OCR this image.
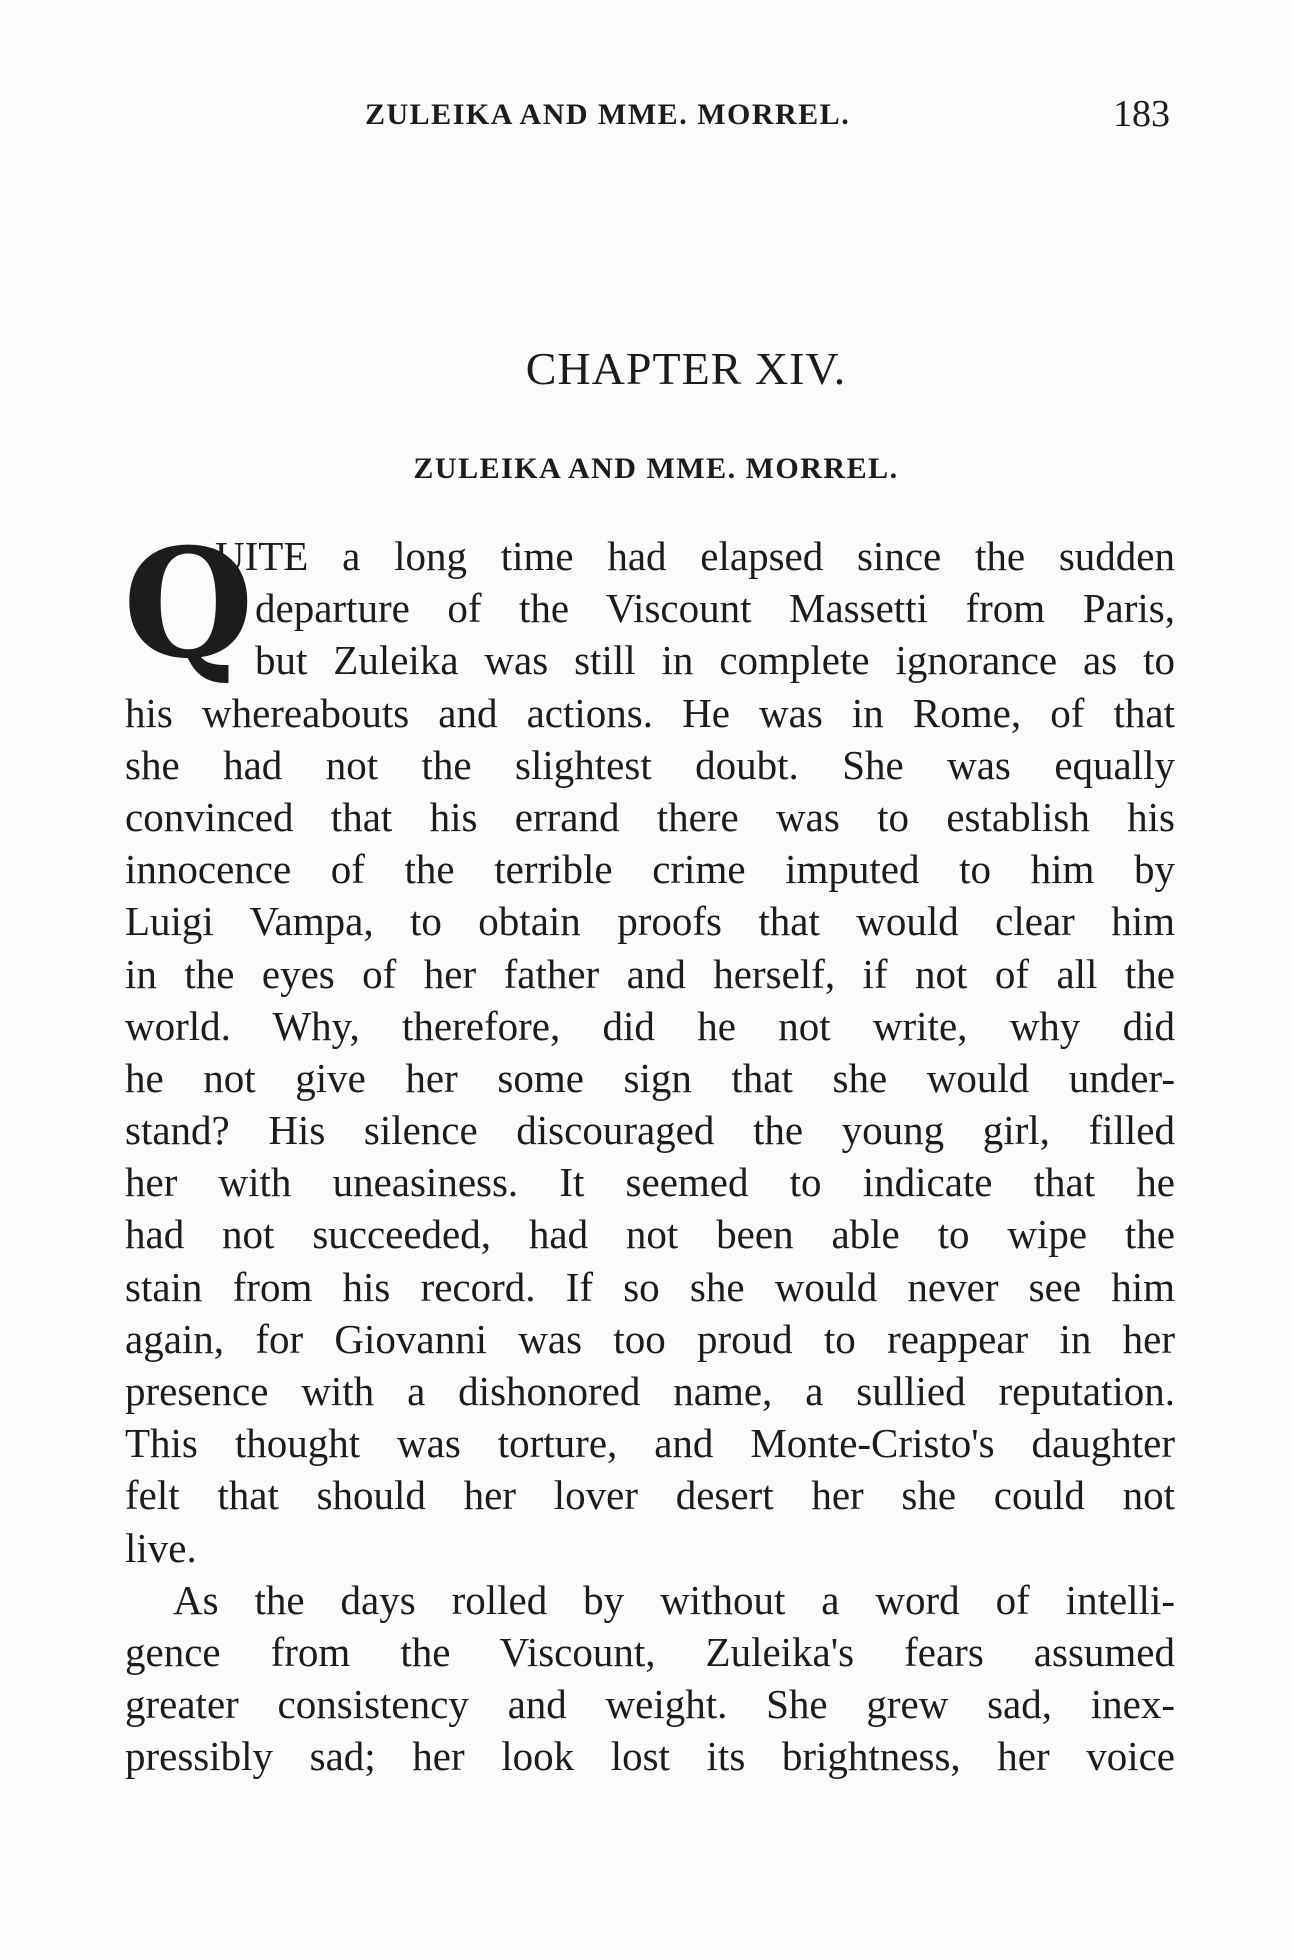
ZULEIKA AND MME. MORREL.	183
CHAPTER XIV.
ZULEIKA AND MME. MORREL.
Q
UITE a long time had elapsed since the sudden
departure of the Viscount Massetti from Paris,
but Zuleika was still in complete ignorance as to
his whereabouts and actions. He was in Rome, of that
she had not the slightest doubt. She was equally
convinced that his errand there was to establish his
innocence of the terrible crime imputed to him by
Luigi Vampa, to obtain proofs that would clear him
in the eyes of her father and herself, if not of all the
world. Why, therefore, did he not write, why did
he not give her some sign that she would under-
stand? His silence discouraged the young girl, filled
her with uneasiness. It seemed to indicate that he
had not succeeded, had not been able to wipe the
stain from his record. If so she would never see him
again, for Giovanni was too proud to reappear in her
presence with a dishonored name, a sullied reputation.
This thought was torture, and Monte-Cristo's daughter
felt that should her lover desert her she could not
live.
As the days rolled by without a word of intelli-
gence from the Viscount, Zuleika's fears assumed
greater consistency and weight. She grew sad, inex-
pressibly sad; her look lost its brightness, her voice
